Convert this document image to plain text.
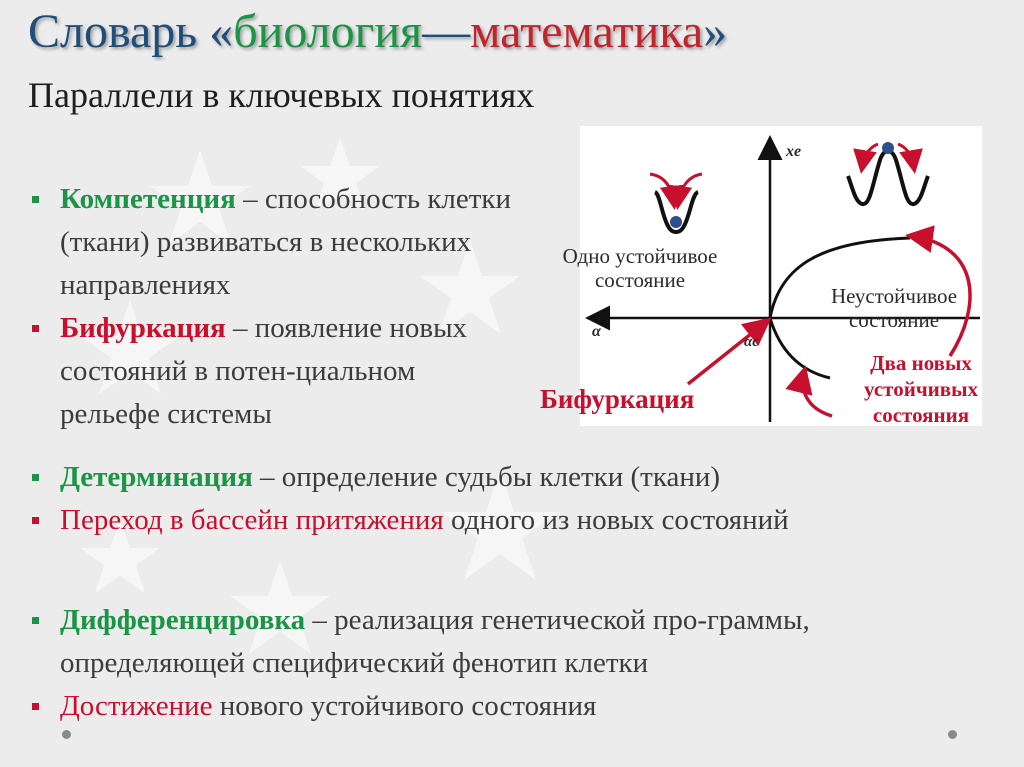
Словарь «биология—математика»
Параллели в ключевых понятиях
Компетенция – способность клетки (ткани) развиваться в нескольких направлениях
Бифуркация – появление новых состояний в потен-циальном рельефе системы
Детерминация – определение судьбы клетки (ткани)
Переход в бассейн притяжения одного из новых состояний
Дифференцировка – реализация генетической про-граммы, определяющей специфический фенотип клетки
Достижение нового устойчивого состояния
xe
α
αc
Одно устойчивое состояние
Неустойчивое состояние
Бифуркация
Два новых устойчивых состояния
